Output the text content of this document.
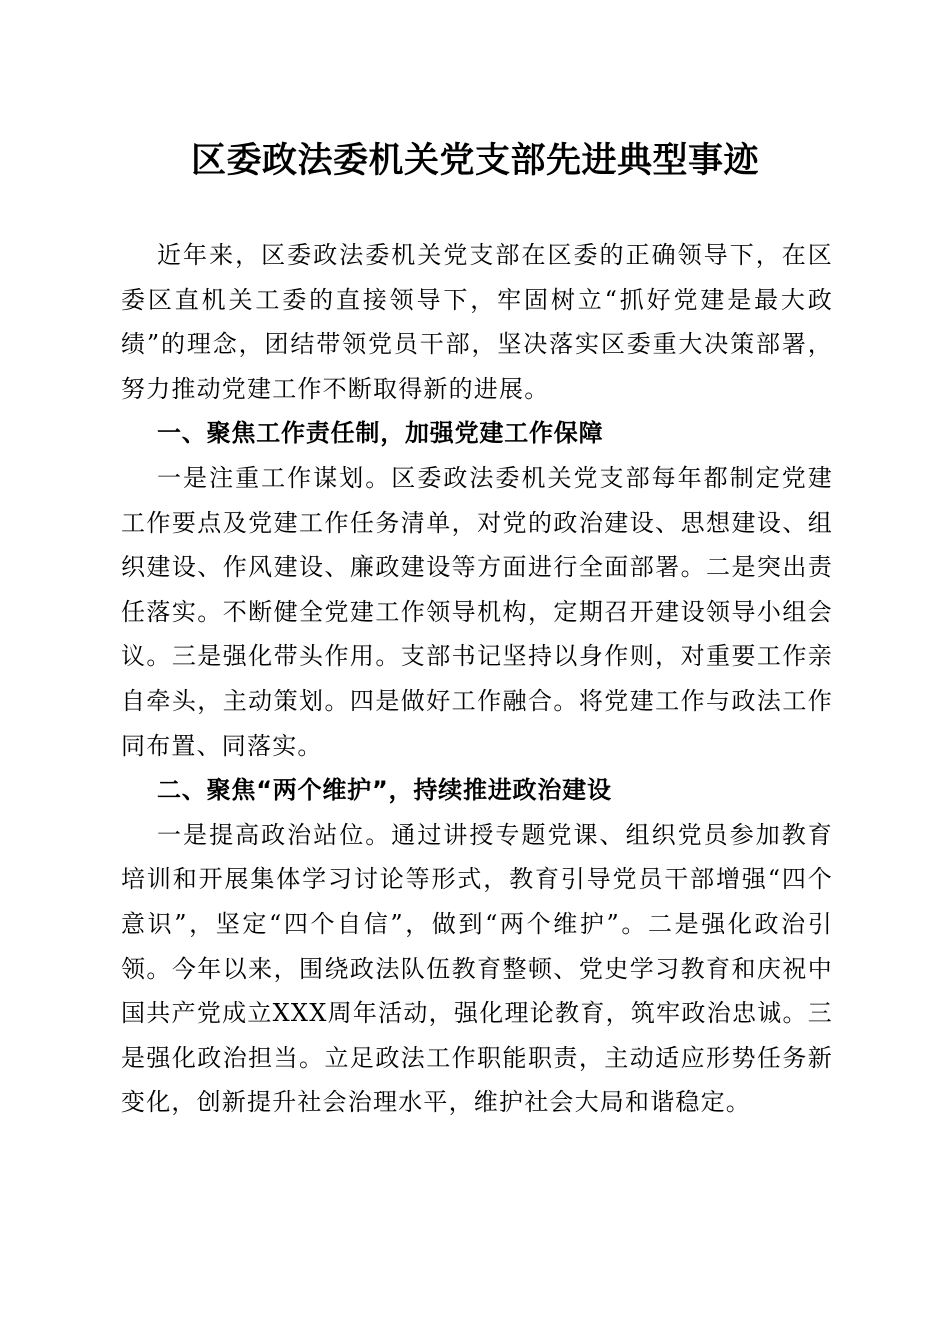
区委政法委机关党支部先进典型事迹

近年来，区委政法委机关党支部在区委的正确领导下，在区委区直机关工委的直接领导下，牢固树立“抓好党建是最大政绩”的理念，团结带领党员干部，坚决落实区委重大决策部署，努力推动党建工作不断取得新的进展。

一、聚焦工作责任制，加强党建工作保障

一是注重工作谋划。区委政法委机关党支部每年都制定党建工作要点及党建工作任务清单，对党的政治建设、思想建设、组织建设、作风建设、廉政建设等方面进行全面部署。二是突出责任落实。不断健全党建工作领导机构，定期召开建设领导小组会议。三是强化带头作用。支部书记坚持以身作则，对重要工作亲自牵头，主动策划。四是做好工作融合。将党建工作与政法工作同布置、同落实。

二、聚焦“两个维护”，持续推进政治建设

一是提高政治站位。通过讲授专题党课、组织党员参加教育培训和开展集体学习讨论等形式，教育引导党员干部增强“四个意识”，坚定“四个自信”，做到“两个维护”。二是强化政治引领。今年以来，围绕政法队伍教育整顿、党史学习教育和庆祝中国共产党成立XXX周年活动，强化理论教育，筑牢政治忠诚。三是强化政治担当。立足政法工作职能职责，主动适应形势任务新变化，创新提升社会治理水平，维护社会大局和谐稳定。
